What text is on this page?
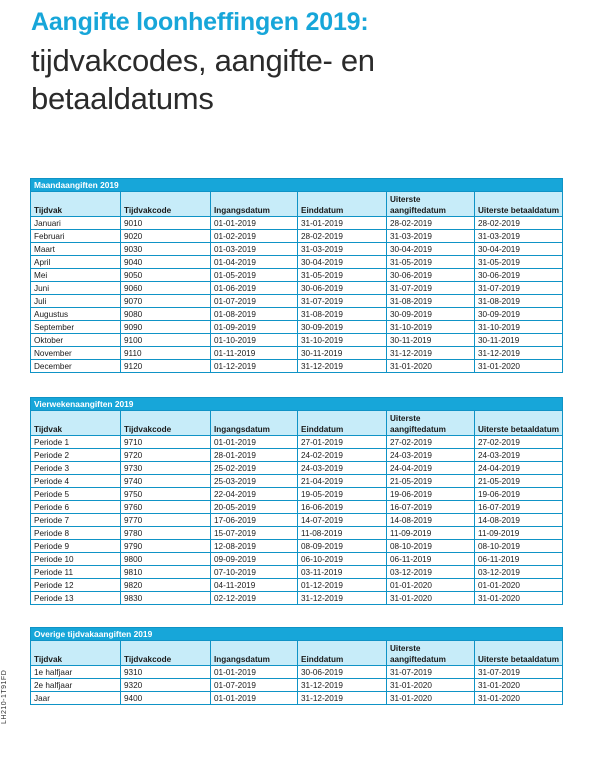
Aangifte loonheffingen 2019:
tijdvakcodes, aangifte- en betaaldatums
Maandaangiften 2019					
Tijdvak	Tijdvakcode	Ingangsdatum	Einddatum	Uiterste aangiftedatum	Uiterste betaaldatum
Januari	9010	01-01-2019	31-01-2019	28-02-2019	28-02-2019
Februari	9020	01-02-2019	28-02-2019	31-03-2019	31-03-2019
Maart	9030	01-03-2019	31-03-2019	30-04-2019	30-04-2019
April	9040	01-04-2019	30-04-2019	31-05-2019	31-05-2019
Mei	9050	01-05-2019	31-05-2019	30-06-2019	30-06-2019
Juni	9060	01-06-2019	30-06-2019	31-07-2019	31-07-2019
Juli	9070	01-07-2019	31-07-2019	31-08-2019	31-08-2019
Augustus	9080	01-08-2019	31-08-2019	30-09-2019	30-09-2019
September	9090	01-09-2019	30-09-2019	31-10-2019	31-10-2019
Oktober	9100	01-10-2019	31-10-2019	30-11-2019	30-11-2019
November	9110	01-11-2019	30-11-2019	31-12-2019	31-12-2019
December	9120	01-12-2019	31-12-2019	31-01-2020	31-01-2020
Vierwekenaangiften 2019					
Tijdvak	Tijdvakcode	Ingangsdatum	Einddatum	Uiterste aangiftedatum	Uiterste betaaldatum
Periode 1	9710	01-01-2019	27-01-2019	27-02-2019	27-02-2019
Periode 2	9720	28-01-2019	24-02-2019	24-03-2019	24-03-2019
Periode 3	9730	25-02-2019	24-03-2019	24-04-2019	24-04-2019
Periode 4	9740	25-03-2019	21-04-2019	21-05-2019	21-05-2019
Periode 5	9750	22-04-2019	19-05-2019	19-06-2019	19-06-2019
Periode 6	9760	20-05-2019	16-06-2019	16-07-2019	16-07-2019
Periode 7	9770	17-06-2019	14-07-2019	14-08-2019	14-08-2019
Periode 8	9780	15-07-2019	11-08-2019	11-09-2019	11-09-2019
Periode 9	9790	12-08-2019	08-09-2019	08-10-2019	08-10-2019
Periode 10	9800	09-09-2019	06-10-2019	06-11-2019	06-11-2019
Periode 11	9810	07-10-2019	03-11-2019	03-12-2019	03-12-2019
Periode 12	9820	04-11-2019	01-12-2019	01-01-2020	01-01-2020
Periode 13	9830	02-12-2019	31-12-2019	31-01-2020	31-01-2020
Overige tijdvakaangiften 2019					
Tijdvak	Tijdvakcode	Ingangsdatum	Einddatum	Uiterste aangiftedatum	Uiterste betaaldatum
1e halfjaar	9310	01-01-2019	30-06-2019	31-07-2019	31-07-2019
2e halfjaar	9320	01-07-2019	31-12-2019	31-01-2020	31-01-2020
Jaar	9400	01-01-2019	31-12-2019	31-01-2020	31-01-2020
LH210-1T91FD
